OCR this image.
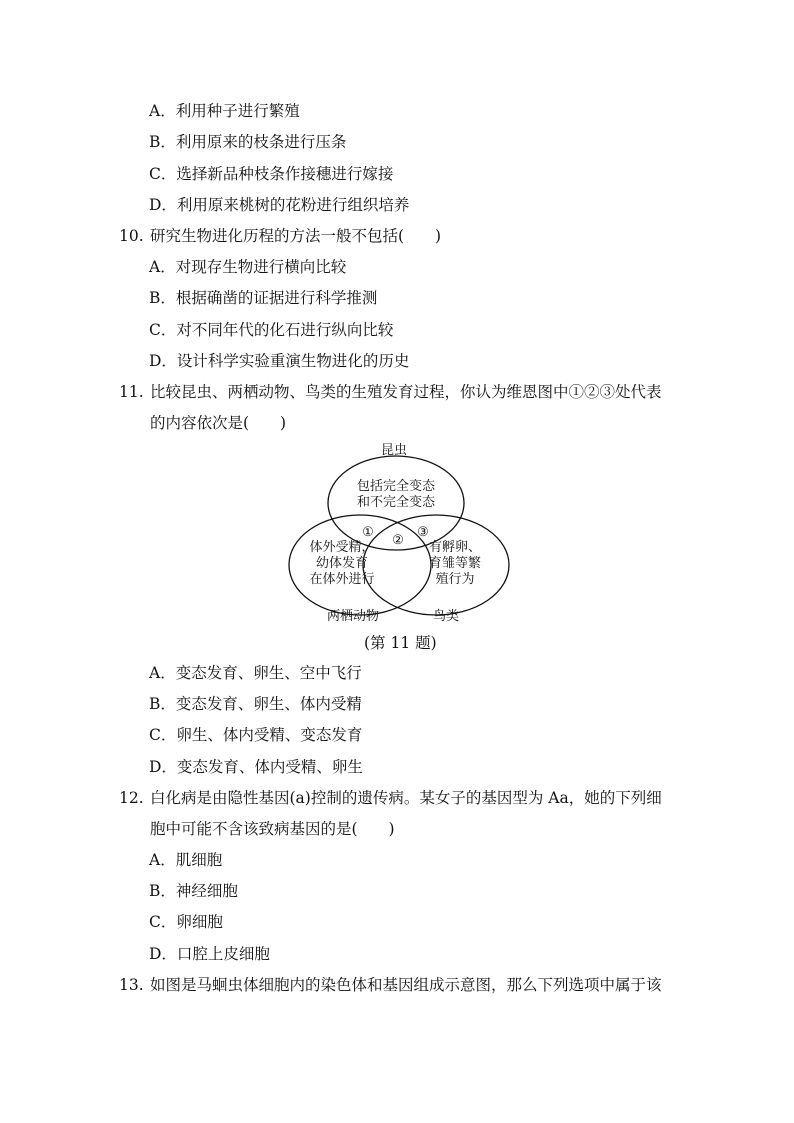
A．利用种子进行繁殖
B．利用原来的枝条进行压条
C．选择新品种枝条作接穗进行嫁接
D．利用原来桃树的花粉进行组织培养
10. 研究生物进化历程的方法一般不包括(　　)
A．对现存生物进行横向比较
B．根据确凿的证据进行科学推测
C．对不同年代的化石进行纵向比较
D．设计科学实验重演生物进化的历史
11. 比较昆虫、两栖动物、鸟类的生殖发育过程，你认为维恩图中①②③处代表
的内容依次是(　　)
昆虫
包括完全变态
和不完全变态
①
②
③
体外受精，
幼体发育
在体外进行
有孵卵、
育雏等繁
殖行为
两栖动物	鸟类
(第 11 题)
A．变态发育、卵生、空中飞行
B．变态发育、卵生、体内受精
C．卵生、体内受精、变态发育
D．变态发育、体内受精、卵生
12. 白化病是由隐性基因(a)控制的遗传病。某女子的基因型为 Aa，她的下列细
胞中可能不含该致病基因的是(　　)
A．肌细胞
B．神经细胞
C．卵细胞
D．口腔上皮细胞
13. 如图是马蛔虫体细胞内的染色体和基因组成示意图，那么下列选项中属于该
